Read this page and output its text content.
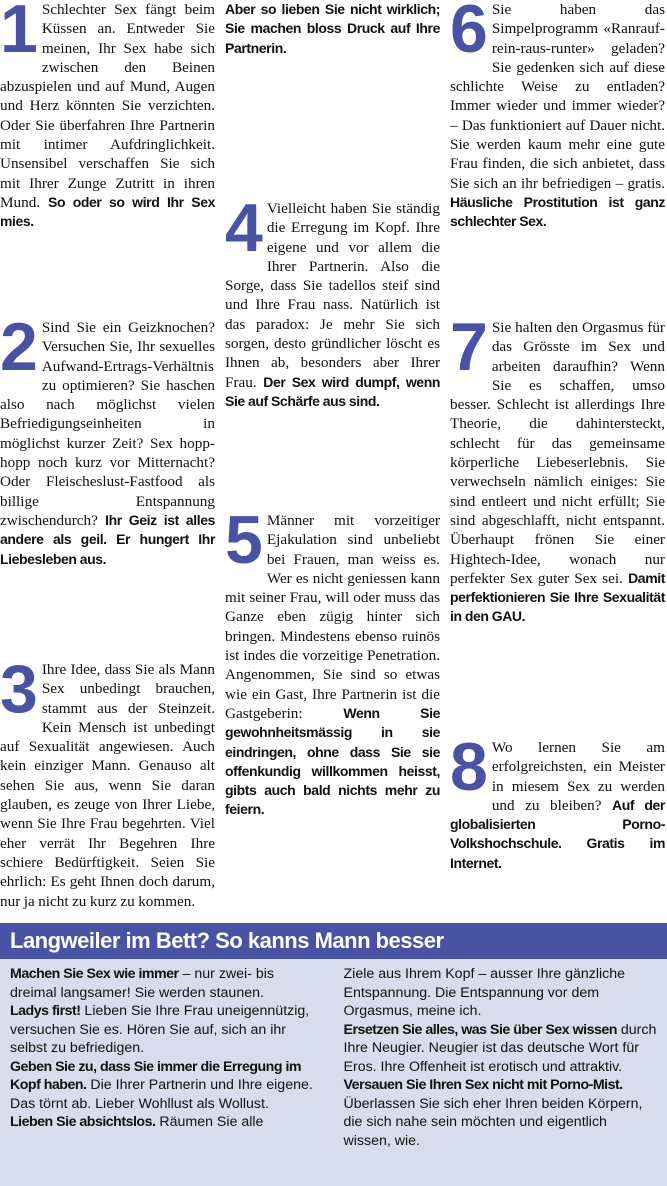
1 Schlechter Sex fängt beim Küssen an. Entweder Sie meinen, Ihr Sex habe sich zwischen den Beinen abzuspielen und auf Mund, Augen und Herz könnten Sie verzichten. Oder Sie überfahren Ihre Partnerin mit intimer Aufdringlichkeit. Unsensibel verschaffen Sie sich mit Ihrer Zunge Zutritt in ihren Mund. So oder so wird Ihr Sex mies.
2 Sind Sie ein Geizknochen? Versuchen Sie, Ihr sexuelles Aufwand-Ertrags-Verhältnis zu optimieren? Sie haschen also nach möglichst vielen Befriedigungseinheiten in möglichst kurzer Zeit? Sex hopp-hopp noch kurz vor Mitternacht? Oder Fleischeslust-Fastfood als billige Entspannung zwischendurch? Ihr Geiz ist alles andere als geil. Er hungert Ihr Liebesleben aus.
3 Ihre Idee, dass Sie als Mann Sex unbedingt brauchen, stammt aus der Steinzeit. Kein Mensch ist unbedingt auf Sexualität angewiesen. Auch kein einziger Mann. Genauso alt sehen Sie aus, wenn Sie daran glauben, es zeuge von Ihrer Liebe, wenn Sie Ihre Frau begehrten. Viel eher verrät Ihr Begehren Ihre schiere Bedürftigkeit. Seien Sie ehrlich: Es geht Ihnen doch darum, nur ja nicht zu kurz zu kommen.
Aber so lieben Sie nicht wirklich; Sie machen bloss Druck auf Ihre Partnerin.
4 Vielleicht haben Sie ständig die Erregung im Kopf. Ihre eigene und vor allem die Ihrer Partnerin. Also die Sorge, dass Sie tadellos steif sind und Ihre Frau nass. Natürlich ist das paradox: Je mehr Sie sich sorgen, desto gründlicher löscht es Ihnen ab, besonders aber Ihrer Frau. Der Sex wird dumpf, wenn Sie auf Schärfe aus sind.
5 Männer mit vorzeitiger Ejakulation sind unbeliebt bei Frauen, man weiss es. Wer es nicht geniessen kann mit seiner Frau, will oder muss das Ganze eben zügig hinter sich bringen. Mindestens ebenso ruinös ist indes die vorzeitige Penetration. Angenommen, Sie sind so etwas wie ein Gast, Ihre Partnerin ist die Gastgeberin: Wenn Sie gewohnheitsmässig in sie eindringen, ohne dass Sie sie offenkundig willkommen heisst, gibts auch bald nichts mehr zu feiern.
6 Sie haben das Simpelprogramm «Ranrauf-rein-raus-runter» geladen? Sie gedenken sich auf diese schlichte Weise zu entladen? Immer wieder und immer wieder? – Das funktioniert auf Dauer nicht. Sie werden kaum mehr eine gute Frau finden, die sich anbietet, dass Sie sich an ihr befriedigen – gratis. Häusliche Prostitution ist ganz schlechter Sex.
7 Sie halten den Orgasmus für das Grösste im Sex und arbeiten daraufhin? Wenn Sie es schaffen, umso besser. Schlecht ist allerdings Ihre Theorie, die dahintersteckt, schlecht für das gemeinsame körperliche Liebeserlebnis. Sie verwechseln nämlich einiges: Sie sind entleert und nicht erfüllt; Sie sind abgeschlafft, nicht entspannt. Überhaupt frönen Sie einer Hightech-Idee, wonach nur perfekter Sex guter Sex sei. Damit perfektionieren Sie Ihre Sexualität in den GAU.
8 Wo lernen Sie am erfolgreichsten, ein Meister in miesem Sex zu werden und zu bleiben? Auf der globalisierten Porno-Volkshochschule. Gratis im Internet.
Langweiler im Bett? So kanns Mann besser
Machen Sie Sex wie immer – nur zwei- bis dreimal langsamer! Sie werden staunen.
Ladys first! Lieben Sie Ihre Frau uneigennützig, versuchen Sie es. Hören Sie auf, sich an ihr selbst zu befriedigen.
Geben Sie zu, dass Sie immer die Erregung im Kopf haben. Die Ihrer Partnerin und Ihre eigene. Das törnt ab. Lieber Wohllust als Wollust.
Lieben Sie absichtslos. Räumen Sie alle
Ziele aus Ihrem Kopf – ausser Ihre gänzliche Entspannung. Die Entspannung vor dem Orgasmus, meine ich.
Ersetzen Sie alles, was Sie über Sex wissen durch Ihre Neugier. Neugier ist das deutsche Wort für Eros. Ihre Offenheit ist erotisch und attraktiv.
Versauen Sie Ihren Sex nicht mit Porno-Mist. Überlassen Sie sich eher Ihren beiden Körpern, die sich nahe sein möchten und eigentlich wissen, wie.
